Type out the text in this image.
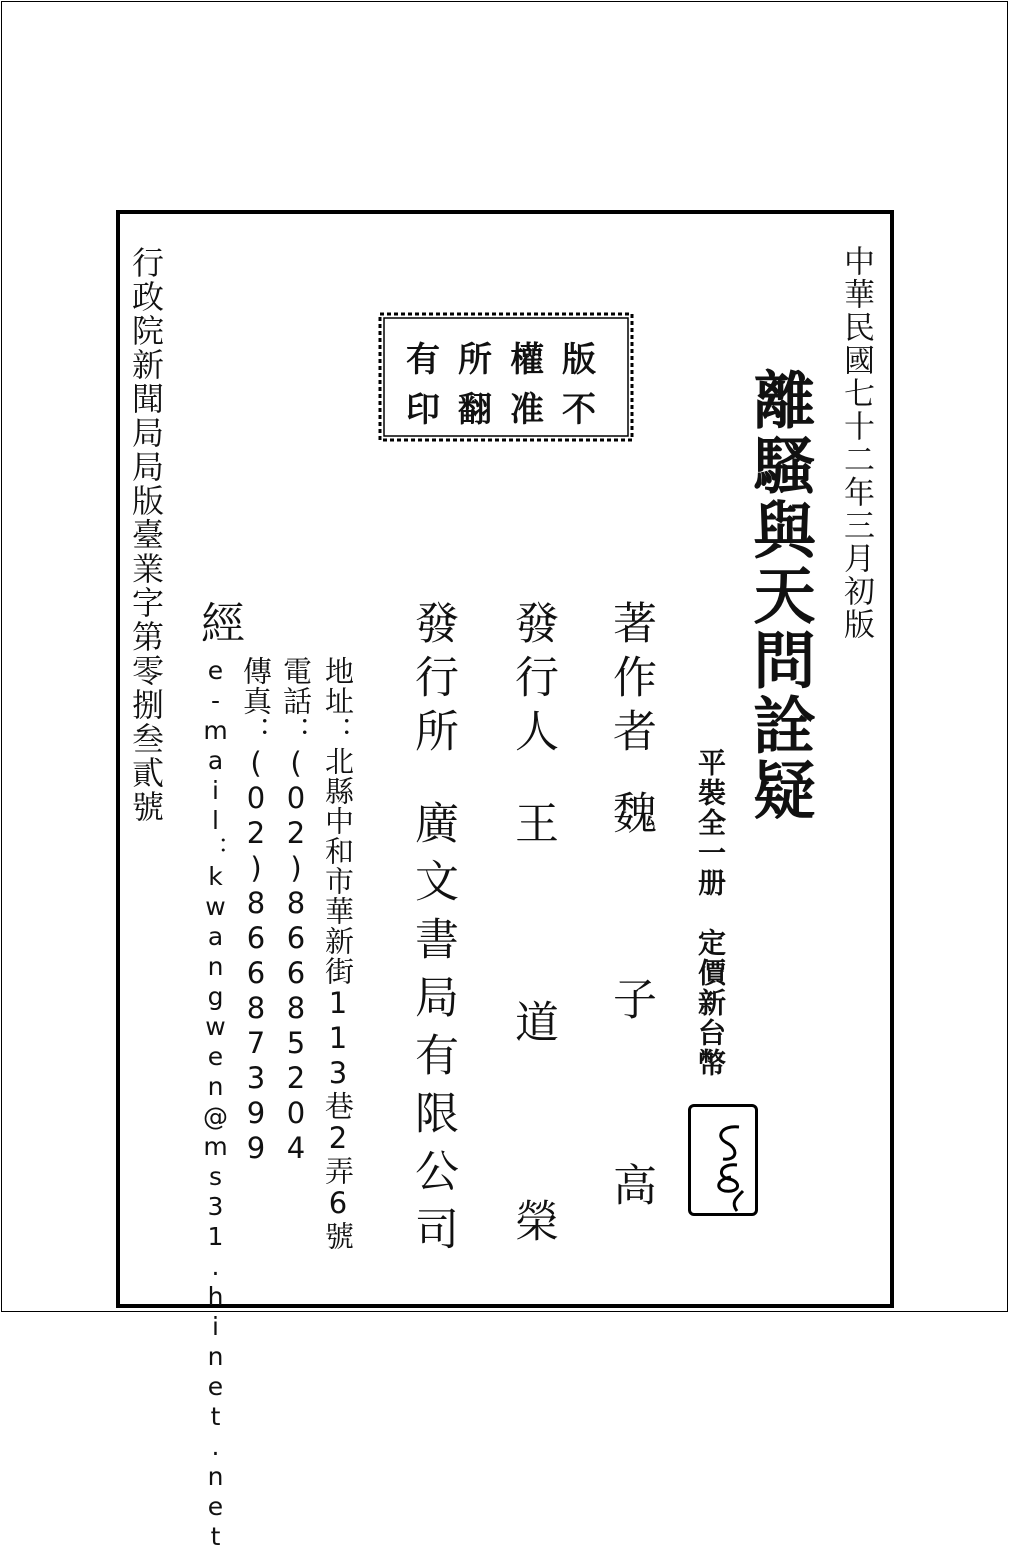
中華民國七十二年三月初版
離騷與天問詮疑
平裝全一册　定價新台幣
有所權版
印翻准不
著作者
魏子高
發行人
王道榮
發行所
廣文書局有限公司
經
地址：北縣中和市華新街113巷2弄6號
電話：(02)86685204
傳真：(02)86687399
e-mail：kwangwen@ms31.hinet.net
行政院新聞局局版臺業字第零捌叁貳號
